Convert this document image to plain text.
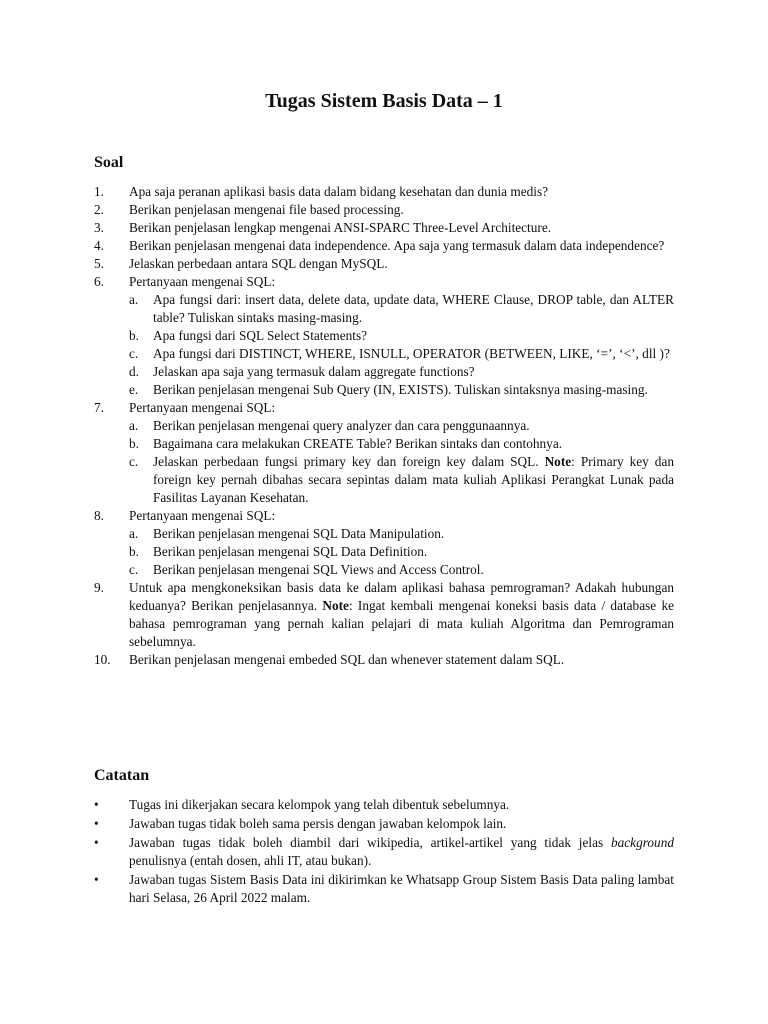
Tugas Sistem Basis Data – 1
Soal
1. Apa saja peranan aplikasi basis data dalam bidang kesehatan dan dunia medis?
2. Berikan penjelasan mengenai file based processing.
3. Berikan penjelasan lengkap mengenai ANSI-SPARC Three-Level Architecture.
4. Berikan penjelasan mengenai data independence. Apa saja yang termasuk dalam data independence?
5. Jelaskan perbedaan antara SQL dengan MySQL.
6. Pertanyaan mengenai SQL:
a. Apa fungsi dari: insert data, delete data, update data, WHERE Clause, DROP table, dan ALTER table? Tuliskan sintaks masing-masing.
b. Apa fungsi dari SQL Select Statements?
c. Apa fungsi dari DISTINCT, WHERE, ISNULL, OPERATOR (BETWEEN, LIKE, ‘=’, ‘<’, dll )?
d. Jelaskan apa saja yang termasuk dalam aggregate functions?
e. Berikan penjelasan mengenai Sub Query (IN, EXISTS). Tuliskan sintaksnya masing-masing.
7. Pertanyaan mengenai SQL:
a. Berikan penjelasan mengenai query analyzer dan cara penggunaannya.
b. Bagaimana cara melakukan CREATE Table? Berikan sintaks dan contohnya.
c. Jelaskan perbedaan fungsi primary key dan foreign key dalam SQL. Note: Primary key dan foreign key pernah dibahas secara sepintas dalam mata kuliah Aplikasi Perangkat Lunak pada Fasilitas Layanan Kesehatan.
8. Pertanyaan mengenai SQL:
a. Berikan penjelasan mengenai SQL Data Manipulation.
b. Berikan penjelasan mengenai SQL Data Definition.
c. Berikan penjelasan mengenai SQL Views and Access Control.
9. Untuk apa mengkoneksikan basis data ke dalam aplikasi bahasa pemrograman? Adakah hubungan keduanya? Berikan penjelasannya. Note: Ingat kembali mengenai koneksi basis data / database ke bahasa pemrograman yang pernah kalian pelajari di mata kuliah Algoritma dan Pemrograman sebelumnya.
10. Berikan penjelasan mengenai embeded SQL dan whenever statement dalam SQL.
Catatan
• Tugas ini dikerjakan secara kelompok yang telah dibentuk sebelumnya.
• Jawaban tugas tidak boleh sama persis dengan jawaban kelompok lain.
• Jawaban tugas tidak boleh diambil dari wikipedia, artikel-artikel yang tidak jelas background penulisnya (entah dosen, ahli IT, atau bukan).
• Jawaban tugas Sistem Basis Data ini dikirimkan ke Whatsapp Group Sistem Basis Data paling lambat hari Selasa, 26 April 2022 malam.
